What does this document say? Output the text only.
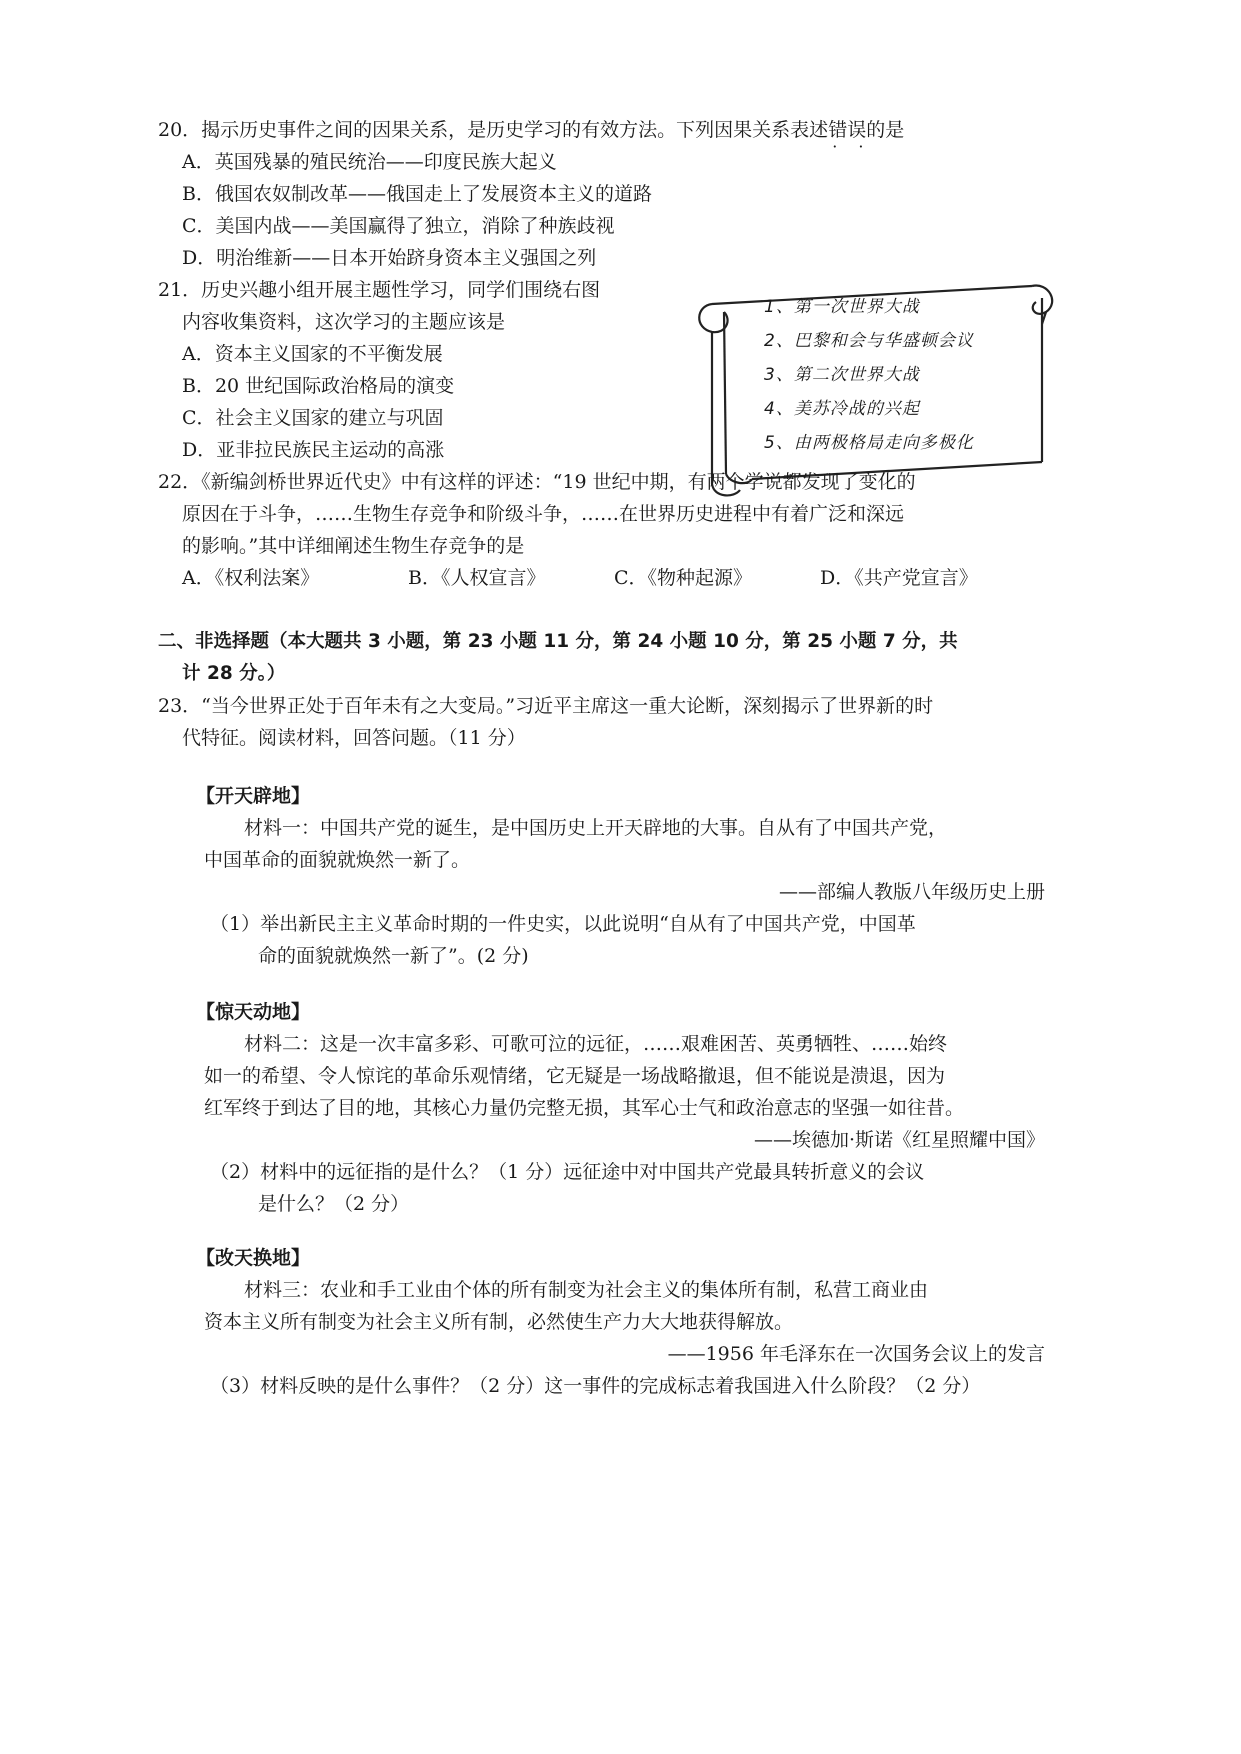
20．揭示历史事件之间的因果关系，是历史学习的有效方法。下列因果关系表述错误 · ·的是
A．英国残暴的殖民统治——印度民族大起义
B．俄国农奴制改革——俄国走上了发展资本主义的道路
C．美国内战——美国赢得了独立，消除了种族歧视
D．明治维新——日本开始跻身资本主义强国之列
21．历史兴趣小组开展主题性学习，同学们围绕右图
内容收集资料，这次学习的主题应该是
A．资本主义国家的不平衡发展
B．20 世纪国际政治格局的演变
C．社会主义国家的建立与巩固
D．亚非拉民族民主运动的高涨
1、第一次世界大战
2、巴黎和会与华盛顿会议
3、第二次世界大战
4、美苏冷战的兴起
5、由两极格局走向多极化
22．《新编剑桥世界近代史》中有这样的评述：“19 世纪中期，有两个学说都发现了变化的
原因在于斗争，……生物生存竞争和阶级斗争，……在世界历史进程中有着广泛和深远
的影响。”其中详细阐述生物生存竞争的是
A．《权利法案》	B．《人权宣言》	C．《物种起源》	D．《共产党宣言》
二、非选择题（本大题共 3 小题，第 23 小题 11 分，第 24 小题 10 分，第 25 小题 7 分，共
计 28 分。）
23．“当今世界正处于百年未有之大变局。”习近平主席这一重大论断，深刻揭示了世界新的时
代特征。阅读材料，回答问题。（11 分）
【开天辟地】
材料一：中国共产党的诞生，是中国历史上开天辟地的大事。自从有了中国共产党，
中国革命的面貌就焕然一新了。
——部编人教版八年级历史上册
（1）举出新民主主义革命时期的一件史实，以此说明“自从有了中国共产党，中国革
命的面貌就焕然一新了”。(2 分)
【惊天动地】
材料二：这是一次丰富多彩、可歌可泣的远征，……艰难困苦、英勇牺牲、……始终
如一的希望、令人惊诧的革命乐观情绪，它无疑是一场战略撤退，但不能说是溃退，因为
红军终于到达了目的地，其核心力量仍完整无损，其军心士气和政治意志的坚强一如往昔。
——埃德加·斯诺《红星照耀中国》
（2）材料中的远征指的是什么？（1 分）远征途中对中国共产党最具转折意义的会议
是什么？（2 分）
【改天换地】
材料三：农业和手工业由个体的所有制变为社会主义的集体所有制，私营工商业由
资本主义所有制变为社会主义所有制，必然使生产力大大地获得解放。
——1956 年毛泽东在一次国务会议上的发言
（3）材料反映的是什么事件？（2 分）这一事件的完成标志着我国进入什么阶段？（2 分）
